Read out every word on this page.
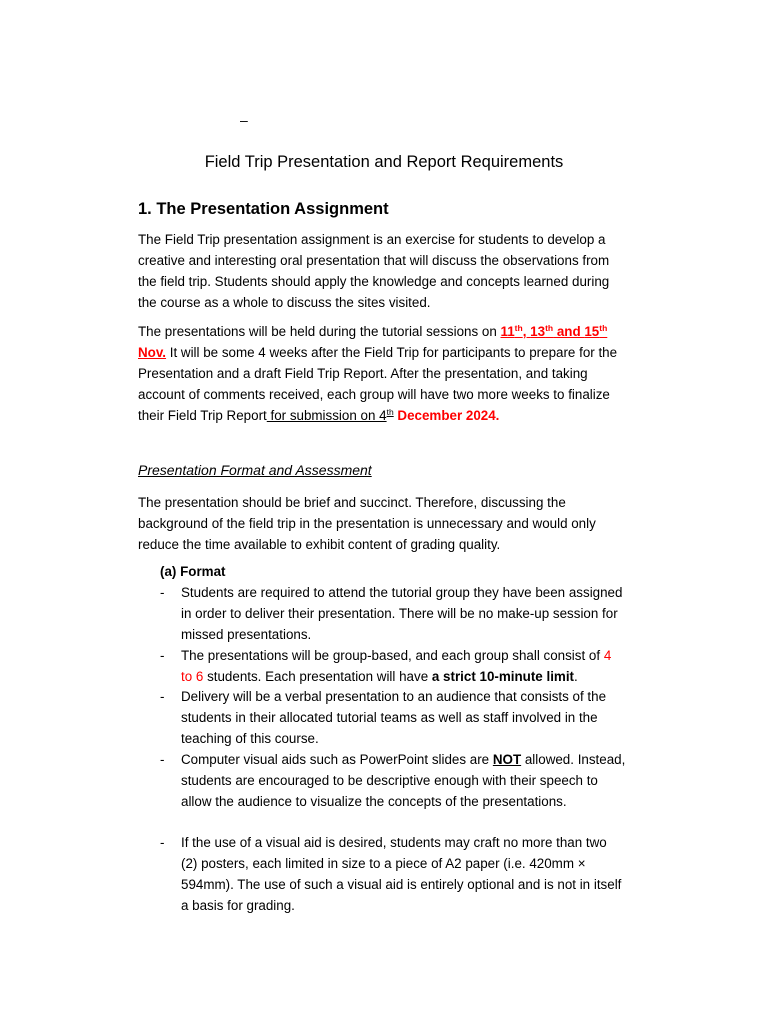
–
Field Trip Presentation and Report Requirements
1. The Presentation Assignment
The Field Trip presentation assignment is an exercise for students to develop a creative and interesting oral presentation that will discuss the observations from the field trip. Students should apply the knowledge and concepts learned during the course as a whole to discuss the sites visited.
The presentations will be held during the tutorial sessions on 11th, 13th and 15th Nov. It will be some 4 weeks after the Field Trip for participants to prepare for the Presentation and a draft Field Trip Report. After the presentation, and taking account of comments received, each group will have two more weeks to finalize their Field Trip Report for submission on 4th December 2024.
Presentation Format and Assessment
The presentation should be brief and succinct. Therefore, discussing the background of the field trip in the presentation is unnecessary and would only reduce the time available to exhibit content of grading quality.
(a) Format
- Students are required to attend the tutorial group they have been assigned in order to deliver their presentation. There will be no make-up session for missed presentations.
- The presentations will be group-based, and each group shall consist of 4 to 6 students. Each presentation will have a strict 10-minute limit.
- Delivery will be a verbal presentation to an audience that consists of the students in their allocated tutorial teams as well as staff involved in the teaching of this course.
- Computer visual aids such as PowerPoint slides are NOT allowed. Instead, students are encouraged to be descriptive enough with their speech to allow the audience to visualize the concepts of the presentations.
- If the use of a visual aid is desired, students may craft no more than two (2) posters, each limited in size to a piece of A2 paper (i.e. 420mm × 594mm). The use of such a visual aid is entirely optional and is not in itself a basis for grading.
